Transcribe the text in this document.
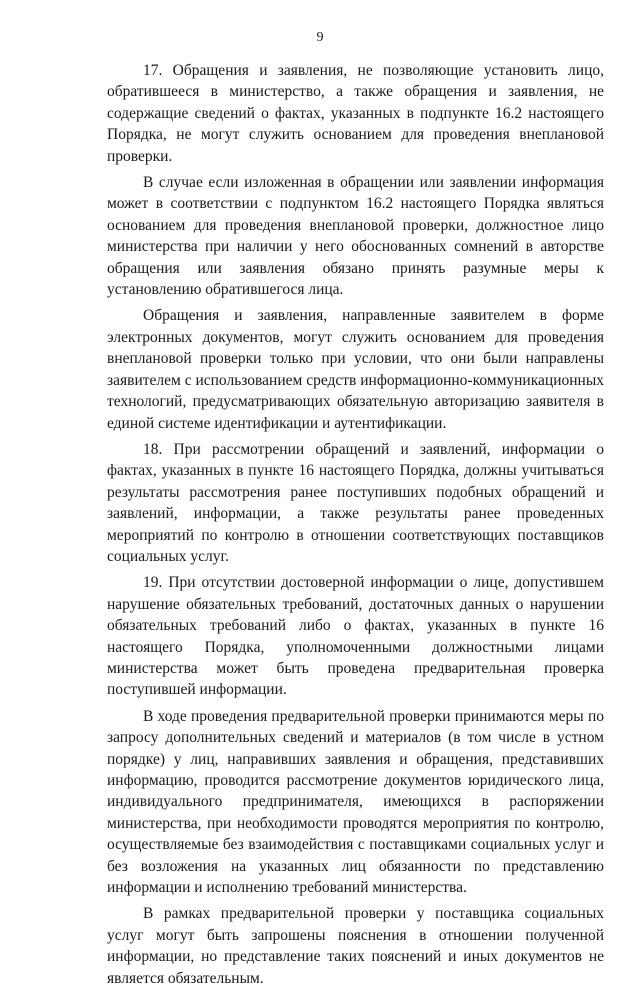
9

17. Обращения и заявления, не позволяющие установить лицо, обратившееся в министерство, а также обращения и заявления, не содержащие сведений о фактах, указанных в подпункте 16.2 настоящего Порядка, не могут служить основанием для проведения внеплановой проверки.

В случае если изложенная в обращении или заявлении информация может в соответствии с подпунктом 16.2 настоящего Порядка являться основанием для проведения внеплановой проверки, должностное лицо министерства при наличии у него обоснованных сомнений в авторстве обращения или заявления обязано принять разумные меры к установлению обратившегося лица.

Обращения и заявления, направленные заявителем в форме электронных документов, могут служить основанием для проведения внеплановой проверки только при условии, что они были направлены заявителем с использованием средств информационно-коммуникационных технологий, предусматривающих обязательную авторизацию заявителя в единой системе идентификации и аутентификации.

18. При рассмотрении обращений и заявлений, информации о фактах, указанных в пункте 16 настоящего Порядка, должны учитываться результаты рассмотрения ранее поступивших подобных обращений и заявлений, информации, а также результаты ранее проведенных мероприятий по контролю в отношении соответствующих поставщиков социальных услуг.

19. При отсутствии достоверной информации о лице, допустившем нарушение обязательных требований, достаточных данных о нарушении обязательных требований либо о фактах, указанных в пункте 16 настоящего Порядка, уполномоченными должностными лицами министерства может быть проведена предварительная проверка поступившей информации.

В ходе проведения предварительной проверки принимаются меры по запросу дополнительных сведений и материалов (в том числе в устном порядке) у лиц, направивших заявления и обращения, представивших информацию, проводится рассмотрение документов юридического лица, индивидуального предпринимателя, имеющихся в распоряжении министерства, при необходимости проводятся мероприятия по контролю, осуществляемые без взаимодействия с поставщиками социальных услуг и без возложения на указанных лиц обязанности по представлению информации и исполнению требований министерства.

В рамках предварительной проверки у поставщика социальных услуг могут быть запрошены пояснения в отношении полученной информации, но представление таких пояснений и иных документов не является обязательным.
